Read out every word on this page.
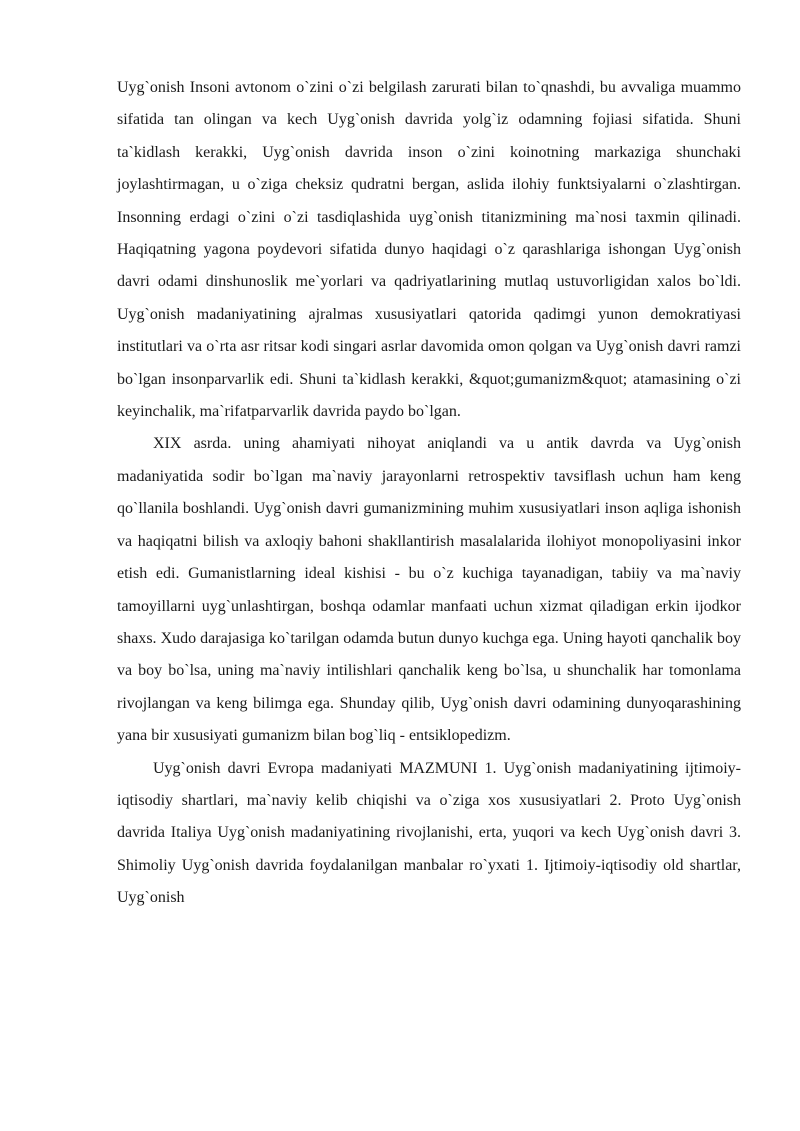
Uyg`onish Insoni avtonom o`zini o`zi belgilash zarurati bilan to`qnashdi, bu avvaliga muammo sifatida tan olingan va kech Uyg`onish davrida yolg`iz odamning fojiasi sifatida. Shuni ta`kidlash kerakki, Uyg`onish davrida inson o`zini koinotning markaziga shunchaki joylashtirmagan, u o`ziga cheksiz qudratni bergan, aslida ilohiy funktsiyalarni o`zlashtirgan. Insonning erdagi o`zini o`zi tasdiqlashida uyg`onish titanizmining ma`nosi taxmin qilinadi. Haqiqatning yagona poydevori sifatida dunyo haqidagi o`z qarashlariga ishongan Uyg`onish davri odami dinshunoslik me`yorlari va qadriyatlarining mutlaq ustuvorligidan xalos bo`ldi. Uyg`onish madaniyatining ajralmas xususiyatlari qatorida qadimgi yunon demokratiyasi institutlari va o`rta asr ritsar kodi singari asrlar davomida omon qolgan va Uyg`onish davri ramzi bo`lgan insonparvarlik edi. Shuni ta`kidlash kerakki, &quot;gumanizm&quot; atamasining o`zi keyinchalik, ma`rifatparvarlik davrida paydo bo`lgan.

XIX asrda. uning ahamiyati nihoyat aniqlandi va u antik davrda va Uyg`onish madaniyatida sodir bo`lgan ma`naviy jarayonlarni retrospektiv tavsiflash uchun ham keng qo`llanila boshlandi. Uyg`onish davri gumanizmining muhim xususiyatlari inson aqliga ishonish va haqiqatni bilish va axloqiy bahoni shakllantirish masalalarida ilohiyot monopoliyasini inkor etish edi. Gumanistlarning ideal kishisi - bu o`z kuchiga tayanadigan, tabiiy va ma`naviy tamoyillarni uyg`unlashtirgan, boshqa odamlar manfaati uchun xizmat qiladigan erkin ijodkor shaxs. Xudo darajasiga ko`tarilgan odamda butun dunyo kuchga ega. Uning hayoti qanchalik boy va boy bo`lsa, uning ma`naviy intilishlari qanchalik keng bo`lsa, u shunchalik har tomonlama rivojlangan va keng bilimga ega. Shunday qilib, Uyg`onish davri odamining dunyoqarashining yana bir xususiyati gumanizm bilan bog`liq - entsiklopedizm.

Uyg`onish davri Evropa madaniyati MAZMUNI 1. Uyg`onish madaniyatining ijtimoiy-iqtisodiy shartlari, ma`naviy kelib chiqishi va o`ziga xos xususiyatlari 2. Proto Uyg`onish davrida Italiya Uyg`onish madaniyatining rivojlanishi, erta, yuqori va kech Uyg`onish davri 3. Shimoliy Uyg`onish davrida foydalanilgan manbalar ro`yxati 1. Ijtimoiy-iqtisodiy old shartlar, Uyg`onish
